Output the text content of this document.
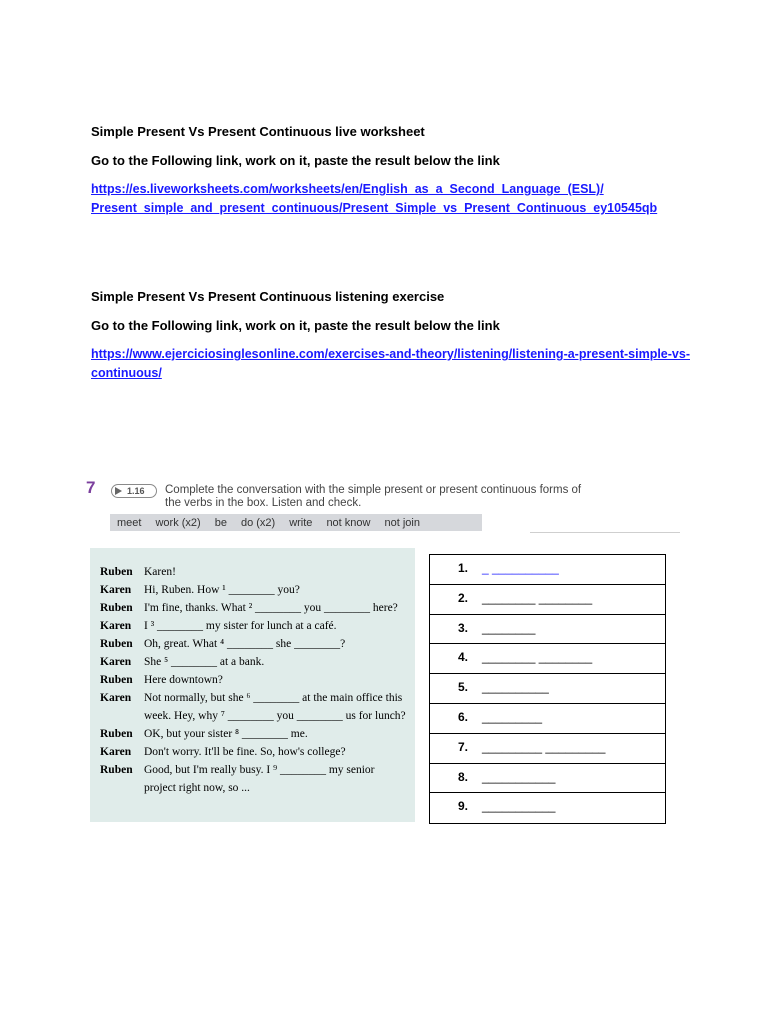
Simple Present Vs Present Continuous live worksheet
Go to the Following link, work on it, paste the result below the link
https://es.liveworksheets.com/worksheets/en/English_as_a_Second_Language_(ESL)/
Present_simple_and_present_continuous/Present_Simple_vs_Present_Continuous_ey10545qb
Simple Present Vs Present Continuous listening exercise
Go to the Following link, work on it, paste the result below the link
https://www.ejerciciosinglesonline.com/exercises-and-theory/listening/listening-a-present-simple-vs-
continuous/
7	1.16 Complete the conversation with the simple present or present continuous forms of
the verbs in the box. Listen and check.
meet	work (x2)	be	do (x2)	write	not know	not join
Ruben Karen!
Karen Hi, Ruben. How ¹ ________ you?
Ruben I'm fine, thanks. What ² ________ you ________ here?
Karen I ³ ________ my sister for lunch at a café.
Ruben Oh, great. What ⁴ ________ she ________?
Karen She ⁵ ________ at a bank.
Ruben Here downtown?
Karen Not normally, but she ⁶ ________ at the main office this
week. Hey, why ⁷ ________ you ________ us for lunch?
Ruben OK, but your sister ⁸ ________ me.
Karen Don't worry. It'll be fine. So, how's college?
Ruben Good, but I'm really busy. I ⁹ ________ my senior
project right now, so ...
1. _ __________
2. ________ ________
3. ________
4. ________ ________
5. __________
6. _________
7. _________ _________
8. ___________
9. ___________
